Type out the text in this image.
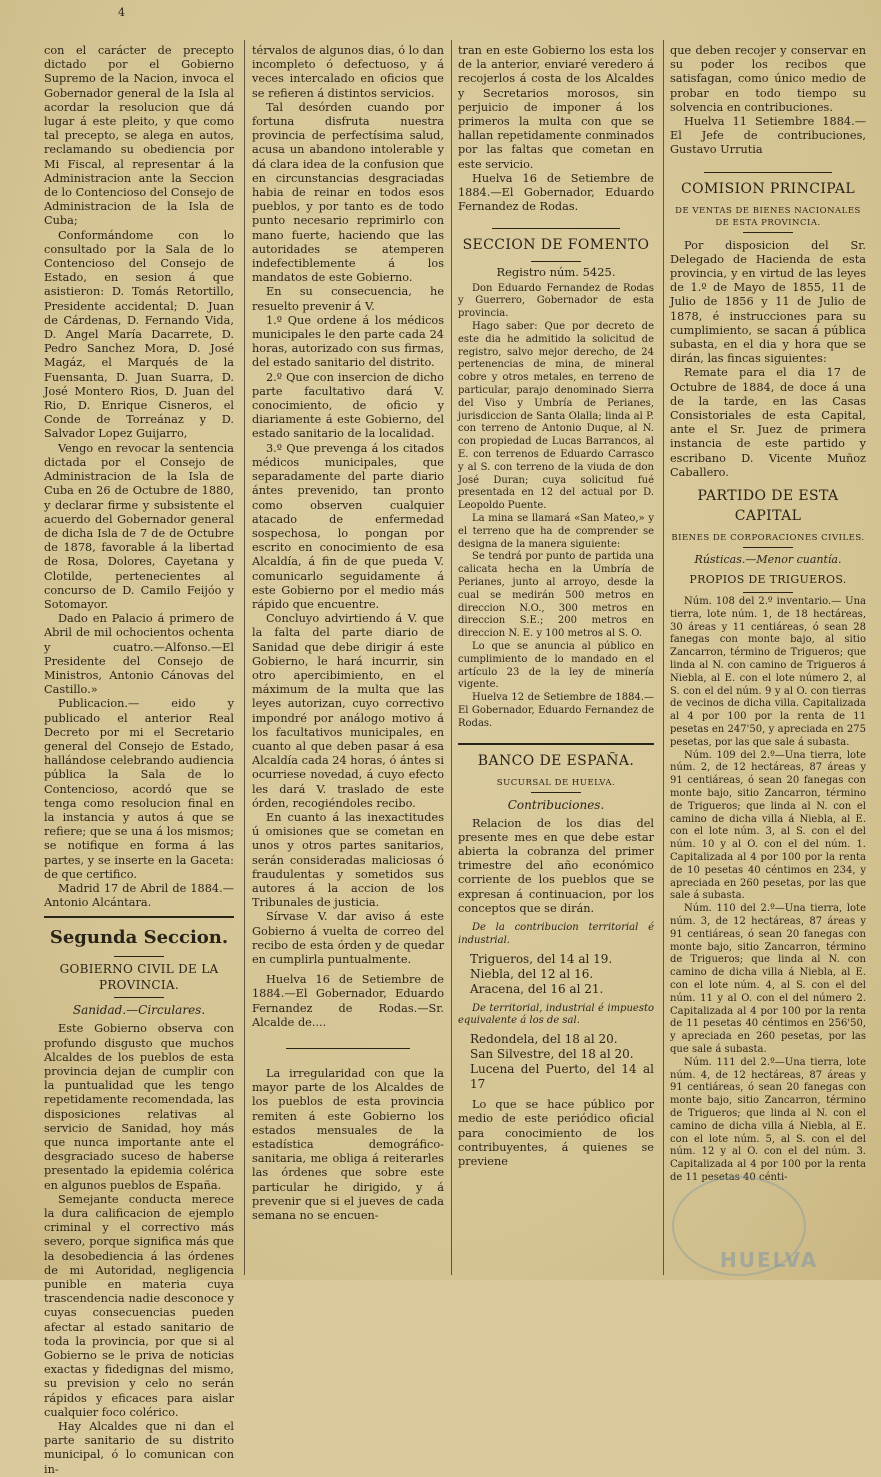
4

con el carácter de precepto dictado por el Gobierno Supremo de la Nacion, invoca el Gobernador general de la Isla al acordar la resolucion que dá lugar á este pleito, y que como tal precepto, se alega en autos, reclamando su obediencia por Mi Fiscal, al representar á la Administracion ante la Seccion de lo Contencioso del Consejo de Administracion de la Isla de Cuba;

Conformándome con lo consultado por la Sala de lo Contencioso del Consejo de Estado, en sesion á que asistieron: D. Tomás Retortillo, Presidente accidental; D. Juan de Cárdenas, D. Fernando Vida, D. Angel María Dacarrete, D. Pedro Sanchez Mora, D. José Magáz, el Marqués de la Fuensanta, D. Juan Suarra, D. José Montero Rios, D. Juan del Rio, D. Enrique Cisneros, el Conde de Torreánaz y D. Salvador Lopez Guijarro,

Vengo en revocar la sentencia dictada por el Consejo de Administracion de la Isla de Cuba en 26 de Octubre de 1880, y declarar firme y subsistente el acuerdo del Gobernador general de dicha Isla de 7 de de Octubre de 1878, favorable á la libertad de Rosa, Dolores, Cayetana y Clotilde, pertenecientes al concurso de D. Camilo Feijóo y Sotomayor.

Dado en Palacio á primero de Abril de mil ochocientos ochenta y cuatro.—Alfonso.—El Presidente del Consejo de Ministros, Antonio Cánovas del Castillo.»

Publicacion.— eido y publicado el anterior Real Decreto por mi el Secretario general del Consejo de Estado, hallándose celebrando audiencia pública la Sala de lo Contencioso, acordó que se tenga como resolucion final en la instancia y autos á que se refiere; que se una á los mismos; se notifique en forma á las partes, y se inserte en la Gaceta: de que certifico.

Madrid 17 de Abril de 1884.— Antonio Alcántara.

Segunda Seccion.
GOBIERNO CIVIL DE LA PROVINCIA.
Sanidad.—Circulares.

Este Gobierno observa con profundo disgusto que muchos Alcaldes de los pueblos de esta provincia dejan de cumplir con la puntualidad que les tengo repetidamente recomendada, las disposiciones relativas al servicio de Sanidad, hoy más que nunca importante ante el desgraciado suceso de haberse presentado la epidemia colérica en algunos pueblos de España.

Semejante conducta merece la dura calificacion de ejemplo criminal y el correctivo más severo, porque significa más que la desobediencia á las órdenes de mi Autoridad, negligencia punible en materia cuya trascendencia nadie desconoce y cuyas consecuencias pueden afectar al estado sanitario de toda la provincia, por que si al Gobierno se le priva de noticias exactas y fidedignas del mismo, su prevision y celo no serán rápidos y eficaces para aislar cualquier foco colérico.

Hay Alcaldes que ni dan el parte sanitario de su distrito municipal, ó lo comunican con in-

térvalos de algunos dias, ó lo dan incompleto ó defectuoso, y á veces intercalado en oficios que se refieren á distintos servicios.

Tal desórden cuando por fortuna disfruta nuestra provincia de perfectísima salud, acusa un abandono intolerable y dá clara idea de la confusion que en circunstancias desgraciadas habia de reinar en todos esos pueblos, y por tanto es de todo punto necesario reprimirlo con mano fuerte, haciendo que las autoridades se atemperen indefectiblemente á los mandatos de este Gobierno.

En su consecuencia, he resuelto prevenir á V.

1.º Que ordene á los médicos municipales le den parte cada 24 horas, autorizado con sus firmas, del estado sanitario del distrito.

2.º Que con insercion de dicho parte facultativo dará V. conocimiento, de oficio y diariamente á este Gobierno, del estado sanitario de la localidad.

3.º Que prevenga á los citados médicos municipales, que separadamente del parte diario ántes prevenido, tan pronto como observen cualquier atacado de enfermedad sospechosa, lo pongan por escrito en conocimiento de esa Alcaldía, á fin de que pueda V. comunicarlo seguidamente á este Gobierno por el medio más rápido que encuentre.

Concluyo advirtiendo á V. que la falta del parte diario de Sanidad que debe dirigir á este Gobierno, le hará incurrir, sin otro apercibimiento, en el máximum de la multa que las leyes autorizan, cuyo correctivo impondré por análogo motivo á los facultativos municipales, en cuanto al que deben pasar á esa Alcaldía cada 24 horas, ó ántes si ocurriese novedad, á cuyo efecto les dará V. traslado de este órden, recogiéndoles recibo.

En cuanto á las inexactitudes ú omisiones que se cometan en unos y otros partes sanitarios, serán consideradas maliciosas ó fraudulentas y sometidos sus autores á la accion de los Tribunales de justicia.

Sírvase V. dar aviso á este Gobierno á vuelta de correo del recibo de esta órden y de quedar en cumplirla puntualmente.

Huelva 16 de Setiembre de 1884.—El Gobernador, Eduardo Fernandez de Rodas.—Sr. Alcalde de....

La irregularidad con que la mayor parte de los Alcaldes de los pueblos de esta provincia remiten á este Gobierno los estados mensuales de la estadística demográfico-sanitaria, me obliga á reiterarles las órdenes que sobre este particular he dirigido, y á prevenir que si el jueves de cada semana no se encuen-

tran en este Gobierno los esta los de la anterior, enviaré veredero á recojerlos á costa de los Alcaldes y Secretarios morosos, sin perjuicio de imponer á los primeros la multa con que se hallan repetidamente conminados por las faltas que cometan en este servicio.

Huelva 16 de Setiembre de 1884.—El Gobernador, Eduardo Fernandez de Rodas.

SECCION DE FOMENTO
Registro núm. 5425.

Don Eduardo Fernandez de Rodas y Guerrero, Gobernador de esta provincia.

Hago saber: Que por decreto de este dia he admitido la solicitud de registro, salvo mejor derecho, de 24 pertenencias de mina, de mineral cobre y otros metales, en terreno de particular, parajo denominado Sierra del Viso y Umbría de Perianes, jurisdiccion de Santa Olalla; linda al P. con terreno de Antonio Duque, al N. con propiedad de Lucas Barrancos, al E. con terrenos de Eduardo Carrasco y al S. con terreno de la viuda de don José Duran; cuya solicitud fué presentada en 12 del actual por D. Leopoldo Puente.

La mina se llamará «San Mateo,» y el terreno que ha de comprender se designa de la manera siguiente:

Se tendrá por punto de partida una calicata hecha en la Umbría de Perianes, junto al arroyo, desde la cual se medirán 500 metros en direccion N.O., 300 metros en direccion S.E.; 200 metros en direccion N. E. y 100 metros al S. O.

Lo que se anuncia al público en cumplimiento de lo mandado en el artículo 23 de la ley de minería vigente.

Huelva 12 de Setiembre de 1884.— El Gobernador, Eduardo Fernandez de Rodas.

BANCO DE ESPAÑA.
SUCURSAL DE HUELVA.
Contribuciones.

Relacion de los dias del presente mes en que debe estar abierta la cobranza del primer trimestre del año económico corriente de los pueblos que se expresan á continuacion, por los conceptos que se dirán.

De la contribucion territorial é industrial.

Trigueros, del 14 al 19.
Niebla, del 12 al 16.
Aracena, del 16 al 21.

De territorial, industrial é impuesto equivalente á los de sal.

Redondela, del 18 al 20.
San Silvestre, del 18 al 20.
Lucena del Puerto, del 14 al 17

Lo que se hace público por medio de este periódico oficial para conocimiento de los contribuyentes, á quienes se previene

que deben recojer y conservar en su poder los recibos que satisfagan, como único medio de probar en todo tiempo su solvencia en contribuciones.

Huelva 11 Setiembre 1884.— El Jefe de contribuciones, Gustavo Urrutia

COMISION PRINCIPAL
DE VENTAS DE BIENES NACIONALES DE ESTA PROVINCIA.

Por disposicion del Sr. Delegado de Hacienda de esta provincia, y en virtud de las leyes de 1.º de Mayo de 1855, 11 de Julio de 1856 y 11 de Julio de 1878, é instrucciones para su cumplimiento, se sacan á pública subasta, en el dia y hora que se dirán, las fincas siguientes:

Remate para el dia 17 de Octubre de 1884, de doce á una de la tarde, en las Casas Consistoriales de esta Capital, ante el Sr. Juez de primera instancia de este partido y escribano D. Vicente Muñoz Caballero.

PARTIDO DE ESTA CAPITAL
BIENES DE CORPORACIONES CIVILES.
Rústicas.—Menor cuantía.
PROPIOS DE TRIGUEROS.

Núm. 108 del 2.º inventario.— Una tierra, lote núm. 1, de 18 hectáreas, 30 áreas y 11 centiáreas, ó sean 28 fanegas con monte bajo, al sitio Zancarron, término de Trigueros; que linda al N. con camino de Trigueros á Niebla, al E. con el lote número 2, al S. con el del núm. 9 y al O. con tierras de vecinos de dicha villa. Capitalizada al 4 por 100 por la renta de 11 pesetas en 247'50, y apreciada en 275 pesetas, por las que sale á subasta.

Núm. 109 del 2.º—Una tierra, lote núm. 2, de 12 hectáreas, 87 áreas y 91 centiáreas, ó sean 20 fanegas con monte bajo, sitio Zancarron, término de Trigueros; que linda al N. con el camino de dicha villa á Niebla, al E. con el lote núm. 3, al S. con el del núm. 10 y al O. con el del núm. 1. Capitalizada al 4 por 100 por la renta de 10 pesetas 40 céntimos en 234, y apreciada en 260 pesetas, por las que sale á subasta.

Núm. 110 del 2.º—Una tierra, lote núm. 3, de 12 hectáreas, 87 áreas y 91 centiáreas, ó sean 20 fanegas con monte bajo, sitio Zancarron, término de Trigueros; que linda al N. con camino de dicha villa á Niebla, al E. con el lote núm. 4, al S. con el del núm. 11 y al O. con el del número 2. Capitalizada al 4 por 100 por la renta de 11 pesetas 40 céntimos en 256'50, y apreciada en 260 pesetas, por las que sale á subasta.

Núm. 111 del 2.º—Una tierra, lote núm. 4, de 12 hectáreas, 87 áreas y 91 centiáreas, ó sean 20 fanegas con monte bajo, sitio Zancarron, término de Trigueros; que linda al N. con el camino de dicha villa á Niebla, al E. con el lote núm. 5, al S. con el del núm. 12 y al O. con el del núm. 3. Capitalizada al 4 por 100 por la renta de 11 pesetas 40 cénti-

HUELVA
